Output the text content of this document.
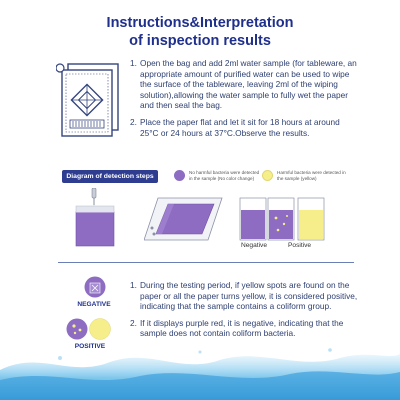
Instructions&Interpretation
of inspection results
1. Open the bag and add 2ml water sample (for tableware, an appropriate amount of purified water can be used to wipe the surface of the tableware, leaving 2ml of the wiping solution),allowing the water sample to fully wet the paper and then seal the bag.
2. Place the paper flat and let it sit for 18 hours at around 25°C or 24 hours at 37°C.Observe the results.
Diagram of detection steps
No harmful bacteria were detected in the sample (No color change)
Harmful bacteria were detected in the sample (yellow)
Negative	Positive
NEGATIVE
POSITIVE
1. During the testing period, if yellow spots are found on the paper or all the paper turns yellow, it is considered positive, indicating that the sample contains a coliform group.
2. If it displays purple red, it is negative, indicating that the sample does not contain coliform bacteria.
